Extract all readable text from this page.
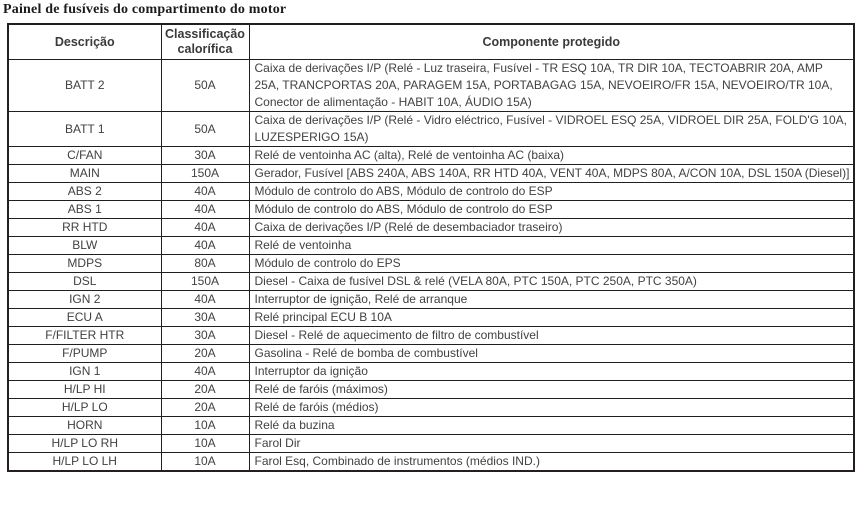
Painel de fusíveis do compartimento do motor
Descrição	Classificação calorífica	Componente protegido
BATT 2	50A	Caixa de derivações I/P (Relé - Luz traseira, Fusível - TR ESQ 10A, TR DIR 10A, TECTOABRIR 20A, AMP 25A, TRANCPORTAS 20A, PARAGEM 15A, PORTABAGAG 15A, NEVOEIRO/FR 15A, NEVOEIRO/TR 10A, Conector de alimentação - HABIT 10A, ÁUDIO 15A)
BATT 1	50A	Caixa de derivações I/P (Relé - Vidro eléctrico, Fusível - VIDROEL ESQ 25A, VIDROEL DIR 25A, FOLD'G 10A, LUZESPERIGO 15A)
C/FAN	30A	Relé de ventoinha AC (alta), Relé de ventoinha AC (baixa)
MAIN	150A	Gerador, Fusível [ABS 240A, ABS 140A, RR HTD 40A, VENT 40A, MDPS 80A, A/CON 10A, DSL 150A (Diesel)]
ABS 2	40A	Módulo de controlo do ABS, Módulo de controlo do ESP
ABS 1	40A	Módulo de controlo do ABS, Módulo de controlo do ESP
RR HTD	40A	Caixa de derivações I/P (Relé de desembaciador traseiro)
BLW	40A	Relé de ventoinha
MDPS	80A	Módulo de controlo do EPS
DSL	150A	Diesel - Caixa de fusível DSL & relé (VELA 80A, PTC 150A, PTC 250A, PTC 350A)
IGN 2	40A	Interruptor de ignição, Relé de arranque
ECU A	30A	Relé principal ECU B 10A
F/FILTER HTR	30A	Diesel - Relé de aquecimento de filtro de combustível
F/PUMP	20A	Gasolina - Relé de bomba de combustível
IGN 1	40A	Interruptor da ignição
H/LP HI	20A	Relé de faróis (máximos)
H/LP LO	20A	Relé de faróis (médios)
HORN	10A	Relé da buzina
H/LP LO RH	10A	Farol Dir
H/LP LO LH	10A	Farol Esq, Combinado de instrumentos (médios IND.)
